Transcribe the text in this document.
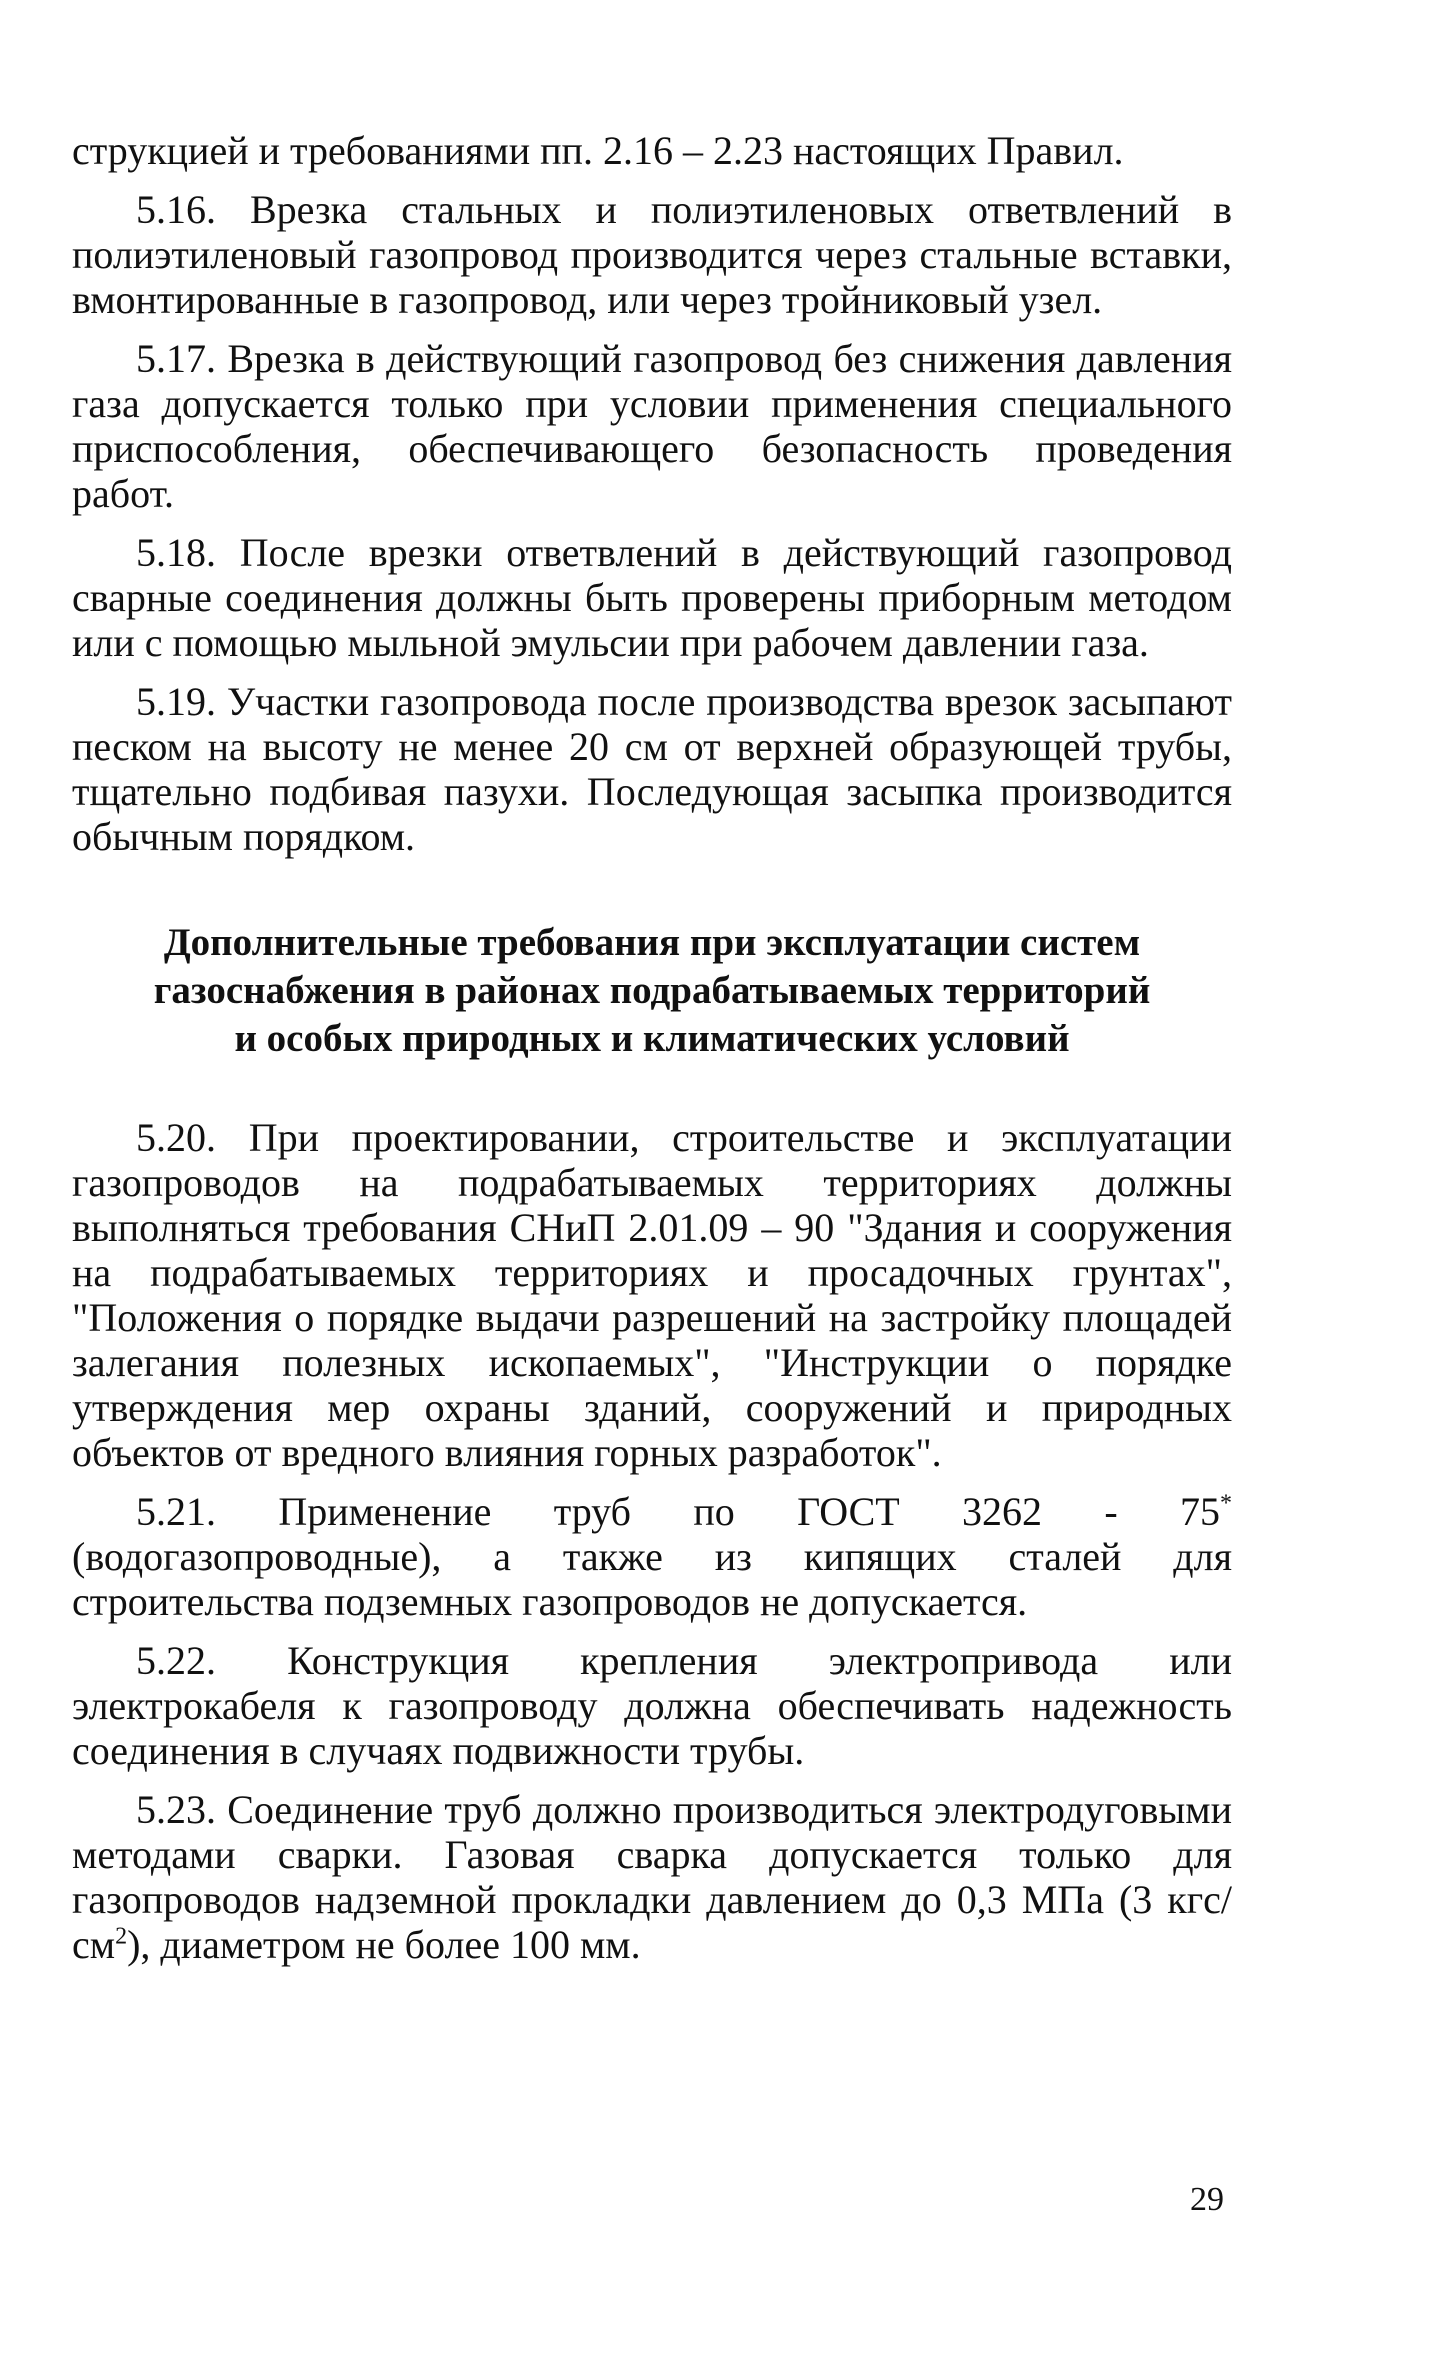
струкцией и требованиями пп. 2.16 – 2.23 настоящих Правил.

5.16. Врезка стальных и полиэтиленовых ответвлений в полиэтиленовый газопровод производится через стальные вставки, вмонтированные в газопровод, или через тройниковый узел.

5.17. Врезка в действующий газопровод без снижения давления газа допускается только при условии применения специального приспособления, обеспечивающего безопасность проведения работ.

5.18. После врезки ответвлений в действующий газопровод сварные соединения должны быть проверены приборным методом или с помощью мыльной эмульсии при рабочем давлении газа.

5.19. Участки газопровода после производства врезок засыпают песком на высоту не менее 20 см от верхней образующей трубы, тщательно подбивая пазухи. Последующая засыпка производится обычным порядком.

Дополнительные требования при эксплуатации систем
газоснабжения в районах подрабатываемых территорий
и особых природных и климатических условий

5.20. При проектировании, строительстве и эксплуатации газопроводов на подрабатываемых территориях должны выполняться требования СНиП 2.01.09 – 90 "Здания и сооружения на подрабатываемых территориях и просадочных грунтах", "Положения о порядке выдачи разрешений на застройку площадей залегания полезных ископаемых", "Инструкции о порядке утверждения мер охраны зданий, сооружений и природных объектов от вредного влияния горных разработок".

5.21. Применение труб по ГОСТ 3262 - 75* (водогазопроводные), а также из кипящих сталей для строительства подземных газопроводов не допускается.

5.22. Конструкция крепления электропривода или электрокабеля к газопроводу должна обеспечивать надежность соединения в случаях подвижности трубы.

5.23. Соединение труб должно производиться электродуговыми методами сварки. Газовая сварка допускается только для газопроводов надземной прокладки давлением до 0,3 МПа (3 кгс/$см^2$), диаметром не более 100 мм.

29
